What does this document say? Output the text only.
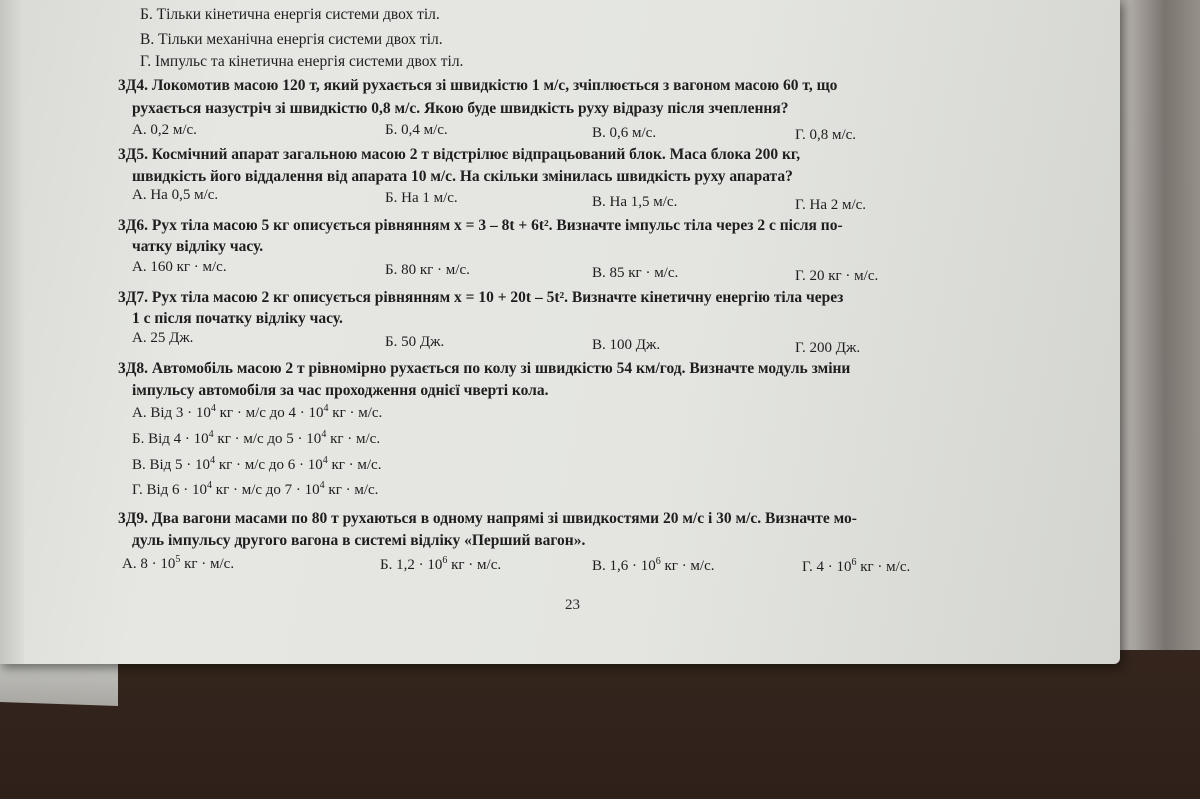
Б. Тільки кінетична енергія системи двох тіл.
В. Тільки механічна енергія системи двох тіл.
Г. Імпульс та кінетична енергія системи двох тіл.
3Д4. Локомотив масою 120 т, який рухається зі швидкістю 1 м/с, зчіплюється з вагоном масою 60 т, що
рухається назустріч зі швидкістю 0,8 м/с. Якою буде швидкість руху відразу після зчеплення?
А. 0,2 м/с.	Б. 0,4 м/с.	В. 0,6 м/с.	Г. 0,8 м/с.
3Д5. Космічний апарат загальною масою 2 т відстрілює відпрацьований блок. Маса блока 200 кг,
швидкість його віддалення від апарата 10 м/с. На скільки змінилась швидкість руху апарата?
А. На 0,5 м/с.	Б. На 1 м/с.	В. На 1,5 м/с.	Г. На 2 м/с.
3Д6. Рух тіла масою 5 кг описується рівнянням x = 3 – 8t + 6t². Визначте імпульс тіла через 2 с після по-
чатку відліку часу.
А. 160 кг · м/с.	Б. 80 кг · м/с.	В. 85 кг · м/с.	Г. 20 кг · м/с.
3Д7. Рух тіла масою 2 кг описується рівнянням x = 10 + 20t – 5t². Визначте кінетичну енергію тіла через
1 с після початку відліку часу.
А. 25 Дж.	Б. 50 Дж.	В. 100 Дж.	Г. 200 Дж.
3Д8. Автомобіль масою 2 т рівномірно рухається по колу зі швидкістю 54 км/год. Визначте модуль зміни
імпульсу автомобіля за час проходження однієї чверті кола.
А. Від $3 \cdot 10^4$ кг · м/с до $4 \cdot 10^4$ кг · м/с.
Б. Від $4 \cdot 10^4$ кг · м/с до $5 \cdot 10^4$ кг · м/с.
В. Від $5 \cdot 10^4$ кг · м/с до $6 \cdot 10^4$ кг · м/с.
Г. Від $6 \cdot 10^4$ кг · м/с до $7 \cdot 10^4$ кг · м/с.
3Д9. Два вагони масами по 80 т рухаються в одному напрямі зі швидкостями 20 м/с і 30 м/с. Визначте мо-
дуль імпульсу другого вагона в системі відліку «Перший вагон».
А. $8 \cdot 10^5$ кг · м/с.	Б. $1,2 \cdot 10^6$ кг · м/с.	В. $1,6 \cdot 10^6$ кг · м/с.	Г. $4 \cdot 10^6$ кг · м/с.
23
